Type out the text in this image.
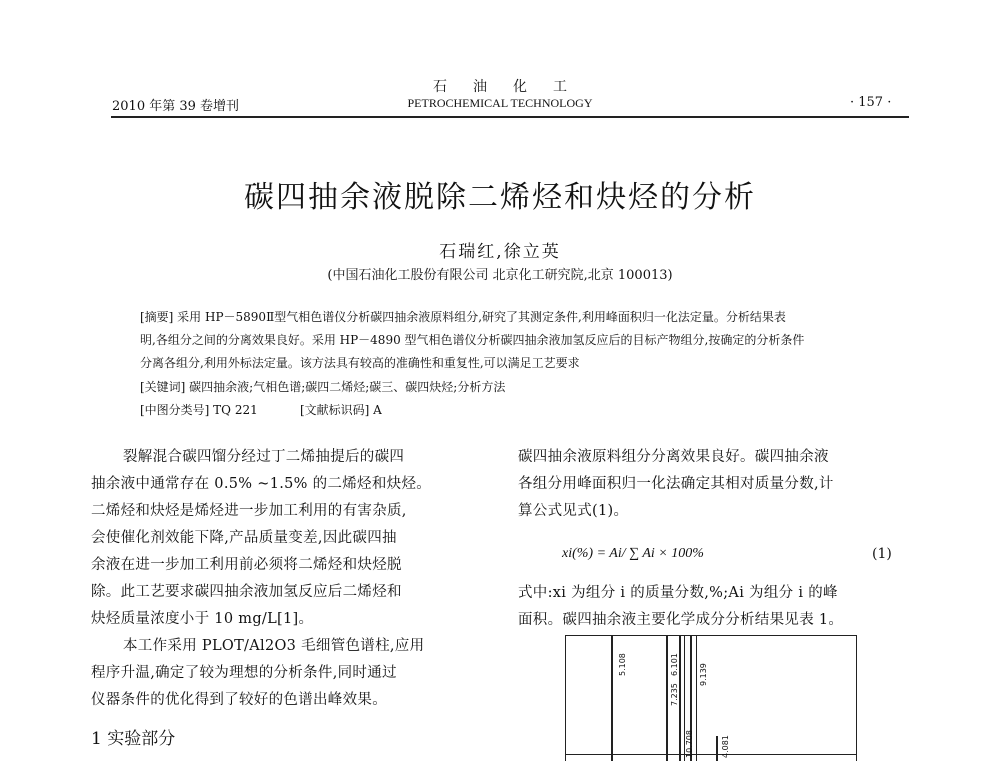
石油化工
2010 年第 39 卷增刊	PETROCHEMICAL TECHNOLOGY	· 157 ·
碳四抽余液脱除二烯烃和炔烃的分析
石瑞红,徐立英
(中国石油化工股份有限公司 北京化工研究院,北京 100013)
[摘要] 采用 HP－5890Ⅱ型气相色谱仪分析碳四抽余液原料组分,研究了其测定条件,利用峰面积归一化法定量。分析结果表
明,各组分之间的分离效果良好。采用 HP－4890 型气相色谱仪分析碳四抽余液加氢反应后的目标产物组分,按确定的分析条件
分离各组分,利用外标法定量。该方法具有较高的准确性和重复性,可以满足工艺要求
[关键词] 碳四抽余液;气相色谱;碳四二烯烃;碳三、碳四炔烃;分析方法
[中图分类号] TQ 221	[文献标识码] A
裂解混合碳四馏分经过丁二烯抽提后的碳四
抽余液中通常存在 0.5% ~1.5% 的二烯烃和炔烃。
二烯烃和炔烃是烯烃进一步加工利用的有害杂质,
会使催化剂效能下降,产品质量变差,因此碳四抽
余液在进一步加工利用前必须将二烯烃和炔烃脱
除。此工艺要求碳四抽余液加氢反应后二烯烃和
炔烃质量浓度小于 10 mg/L[1]。
本工作采用 PLOT/Al2O3 毛细管色谱柱,应用
程序升温,确定了较为理想的分析条件,同时通过
仪器条件的优化得到了较好的色谱出峰效果。
1 实验部分
碳四抽余液原料组分分离效果良好。碳四抽余液
各组分用峰面积归一化法确定其相对质量分数,计
算公式见式(1)。
xi(%) = Ai/ ∑ Ai × 100%	(1)
式中:xi 为组分 i 的质量分数,%;Ai 为组分 i 的峰
面积。碳四抽余液主要化学成分分析结果见表 1。
5.108	6.101
7.235
9.139
10.708	4.081
